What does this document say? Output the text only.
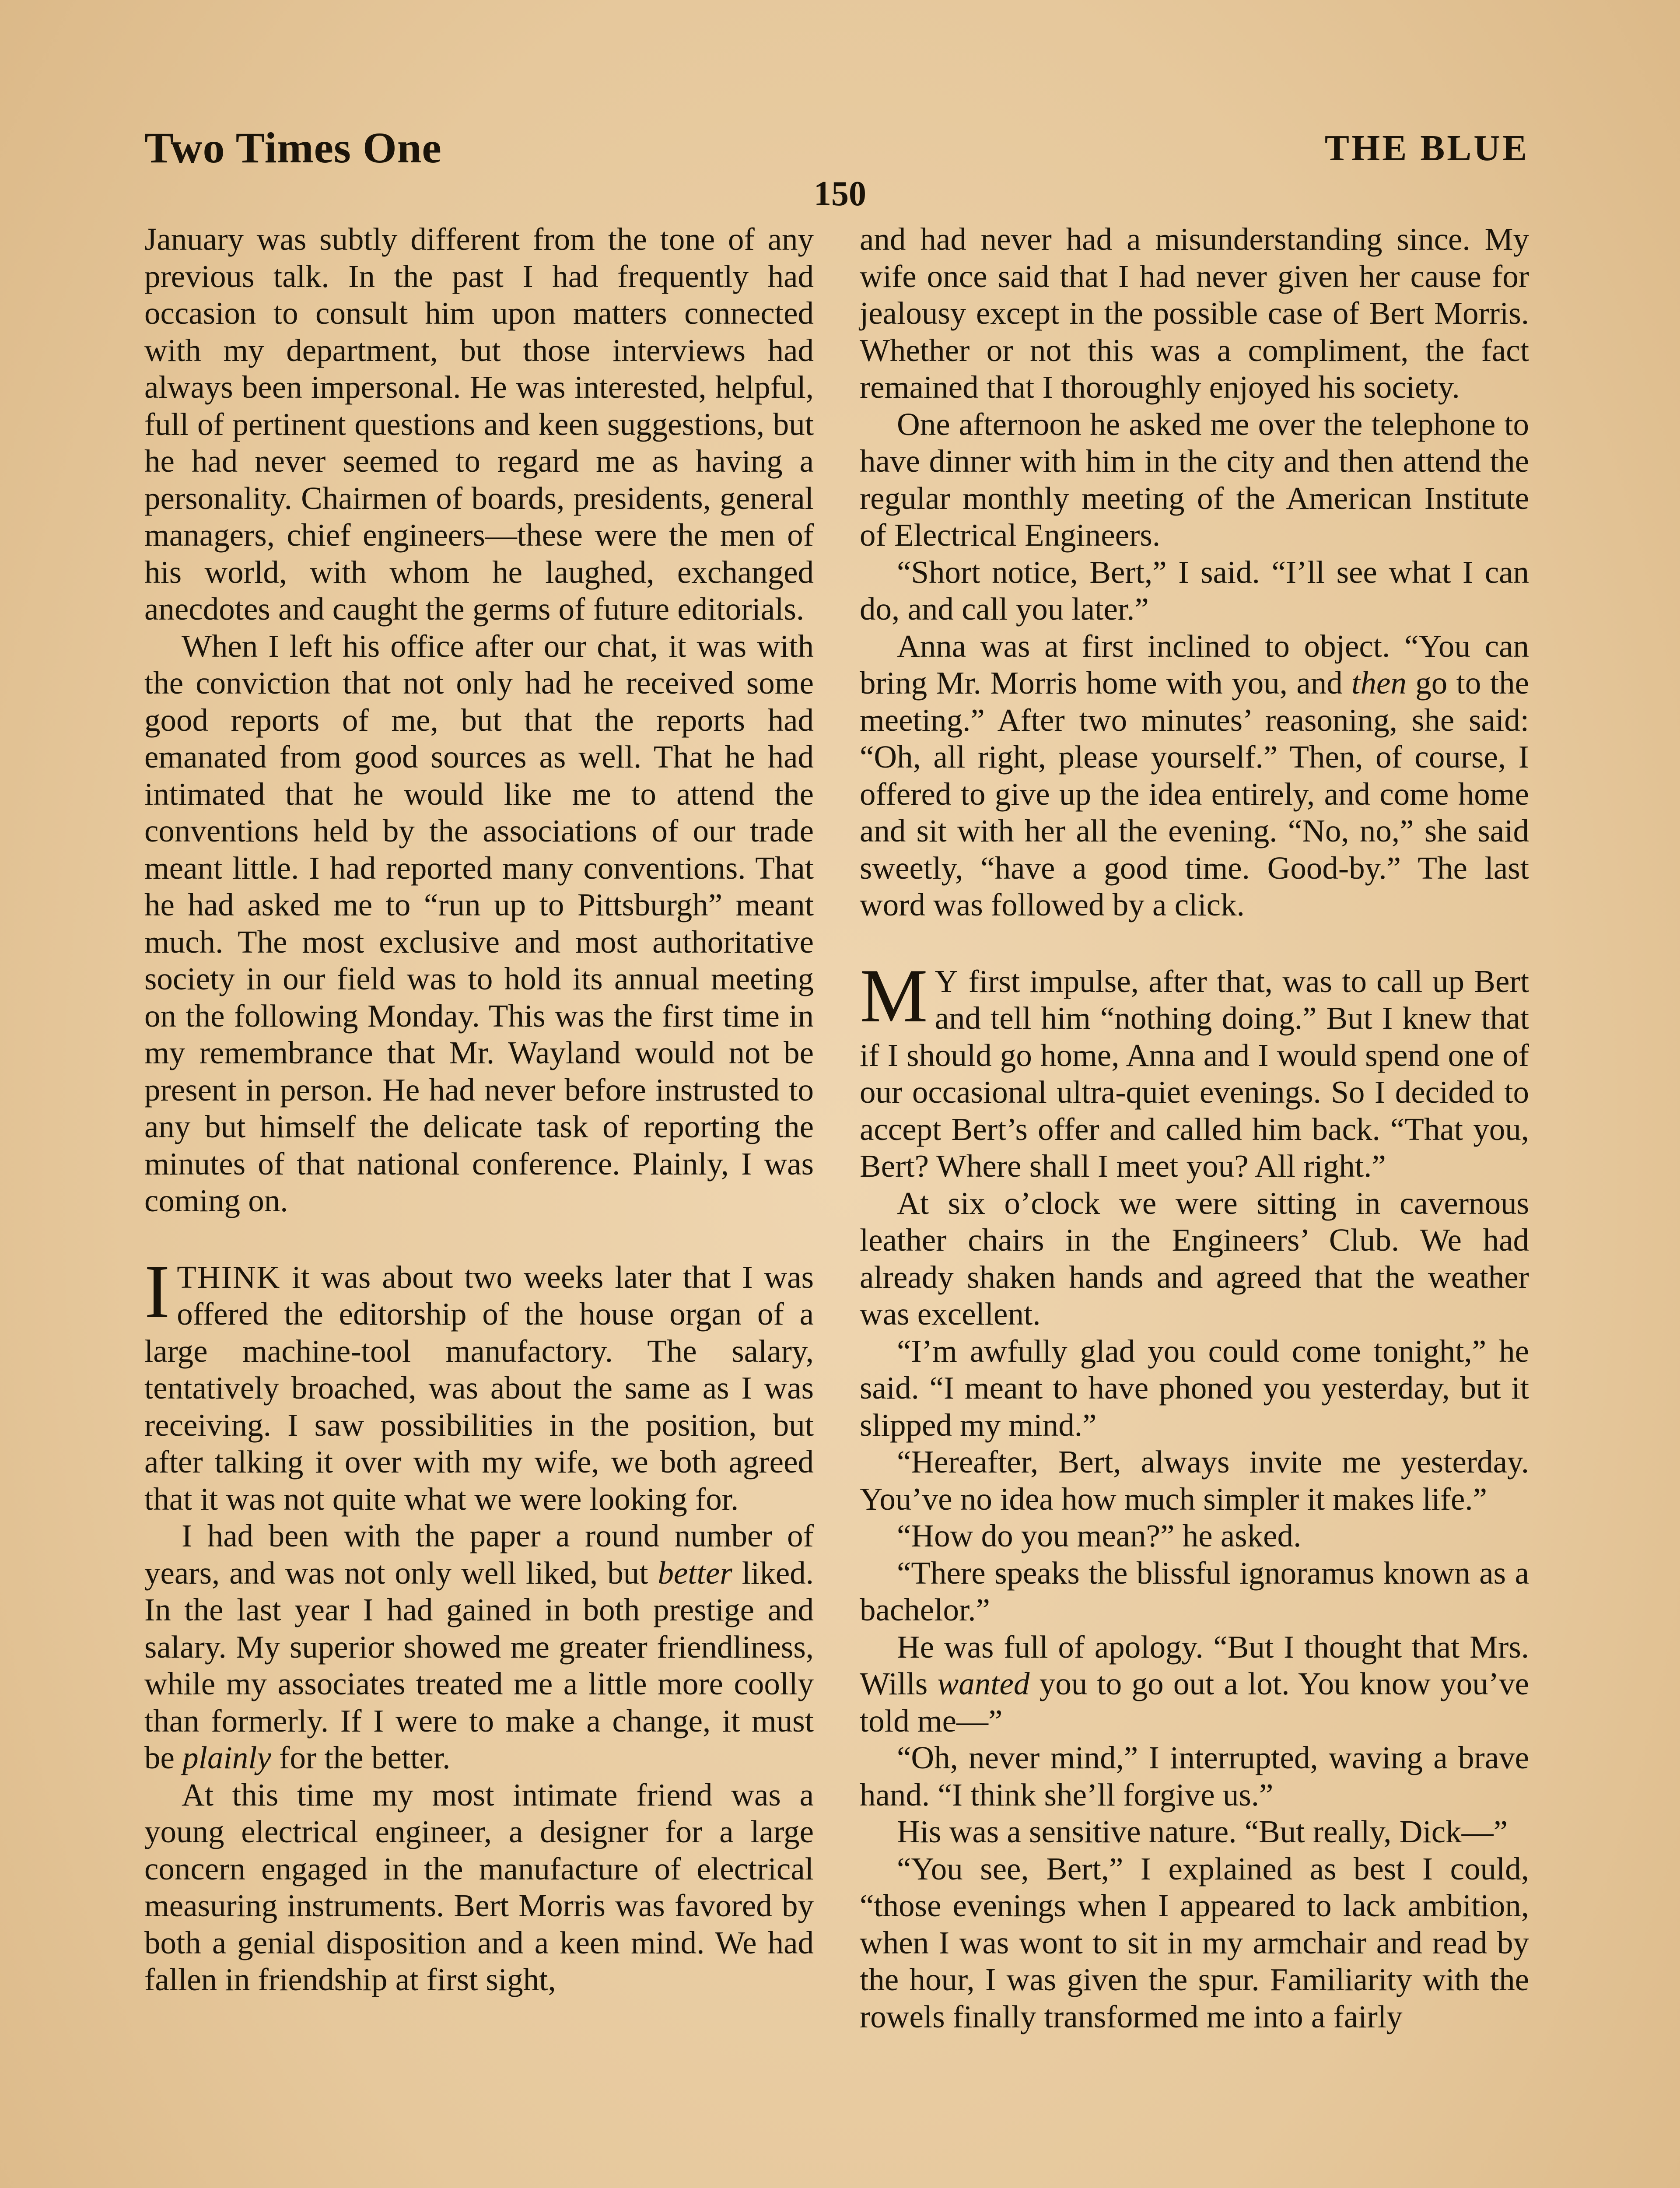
Two Times One	THE BLUE
150

January was subtly different from the tone of any previous talk. In the past I had frequently had occasion to consult him upon matters connected with my department, but those interviews had always been impersonal. He was interested, helpful, full of pertinent questions and keen suggestions, but he had never seemed to regard me as having a personality. Chairmen of boards, presidents, general managers, chief engineers—these were the men of his world, with whom he laughed, exchanged anecdotes and caught the germs of future editorials.

When I left his office after our chat, it was with the conviction that not only had he received some good reports of me, but that the reports had emanated from good sources as well. That he had intimated that he would like me to attend the conventions held by the associations of our trade meant little. I had reported many conventions. That he had asked me to “run up to Pittsburgh” meant much. The most exclusive and most authoritative society in our field was to hold its annual meeting on the following Monday. This was the first time in my remembrance that Mr. Wayland would not be present in person. He had never before instrusted to any but himself the delicate task of reporting the minutes of that national conference. Plainly, I was coming on.

ITHINK it was about two weeks later that I was offered the editorship of the house organ of a large machine-tool manufactory. The salary, tentatively broached, was about the same as I was receiving. I saw possibilities in the position, but after talking it over with my wife, we both agreed that it was not quite what we were looking for.

I had been with the paper a round number of years, and was not only well liked, but better liked. In the last year I had gained in both prestige and salary. My superior showed me greater friendliness, while my associates treated me a little more coolly than formerly. If I were to make a change, it must be plainly for the better.

At this time my most intimate friend was a young electrical engineer, a designer for a large concern engaged in the manufacture of electrical measuring instruments. Bert Morris was favored by both a genial disposition and a keen mind. We had fallen in friendship at first sight,

and had never had a misunderstanding since. My wife once said that I had never given her cause for jealousy except in the possible case of Bert Morris. Whether or not this was a compliment, the fact remained that I thoroughly enjoyed his society.

One afternoon he asked me over the telephone to have dinner with him in the city and then attend the regular monthly meeting of the American Institute of Electrical Engineers.

“Short notice, Bert,” I said. “I’ll see what I can do, and call you later.”

Anna was at first inclined to object. “You can bring Mr. Morris home with you, and then go to the meeting.” After two minutes’ reasoning, she said: “Oh, all right, please yourself.” Then, of course, I offered to give up the idea entirely, and come home and sit with her all the evening. “No, no,” she said sweetly, “have a good time. Good-by.” The last word was followed by a click.

M Y first impulse, after that, was to call up Bert and tell him “nothing doing.” But I knew that if I should go home, Anna and I would spend one of our occasional ultra-quiet evenings. So I decided to accept Bert’s offer and called him back. “That you, Bert? Where shall I meet you? All right.”

At six o’clock we were sitting in cavernous leather chairs in the Engineers’ Club. We had already shaken hands and agreed that the weather was excellent.

“I’m awfully glad you could come tonight,” he said. “I meant to have phoned you yesterday, but it slipped my mind.”

“Hereafter, Bert, always invite me yesterday. You’ve no idea how much simpler it makes life.”

“How do you mean?” he asked.

“There speaks the blissful ignoramus known as a bachelor.”

He was full of apology. “But I thought that Mrs. Wills wanted you to go out a lot. You know you’ve told me—”

“Oh, never mind,” I interrupted, waving a brave hand. “I think she’ll forgive us.”

His was a sensitive nature. “But really, Dick—”

“You see, Bert,” I explained as best I could, “those evenings when I appeared to lack ambition, when I was wont to sit in my armchair and read by the hour, I was given the spur. Familiarity with the rowels finally transformed me into a fairly
